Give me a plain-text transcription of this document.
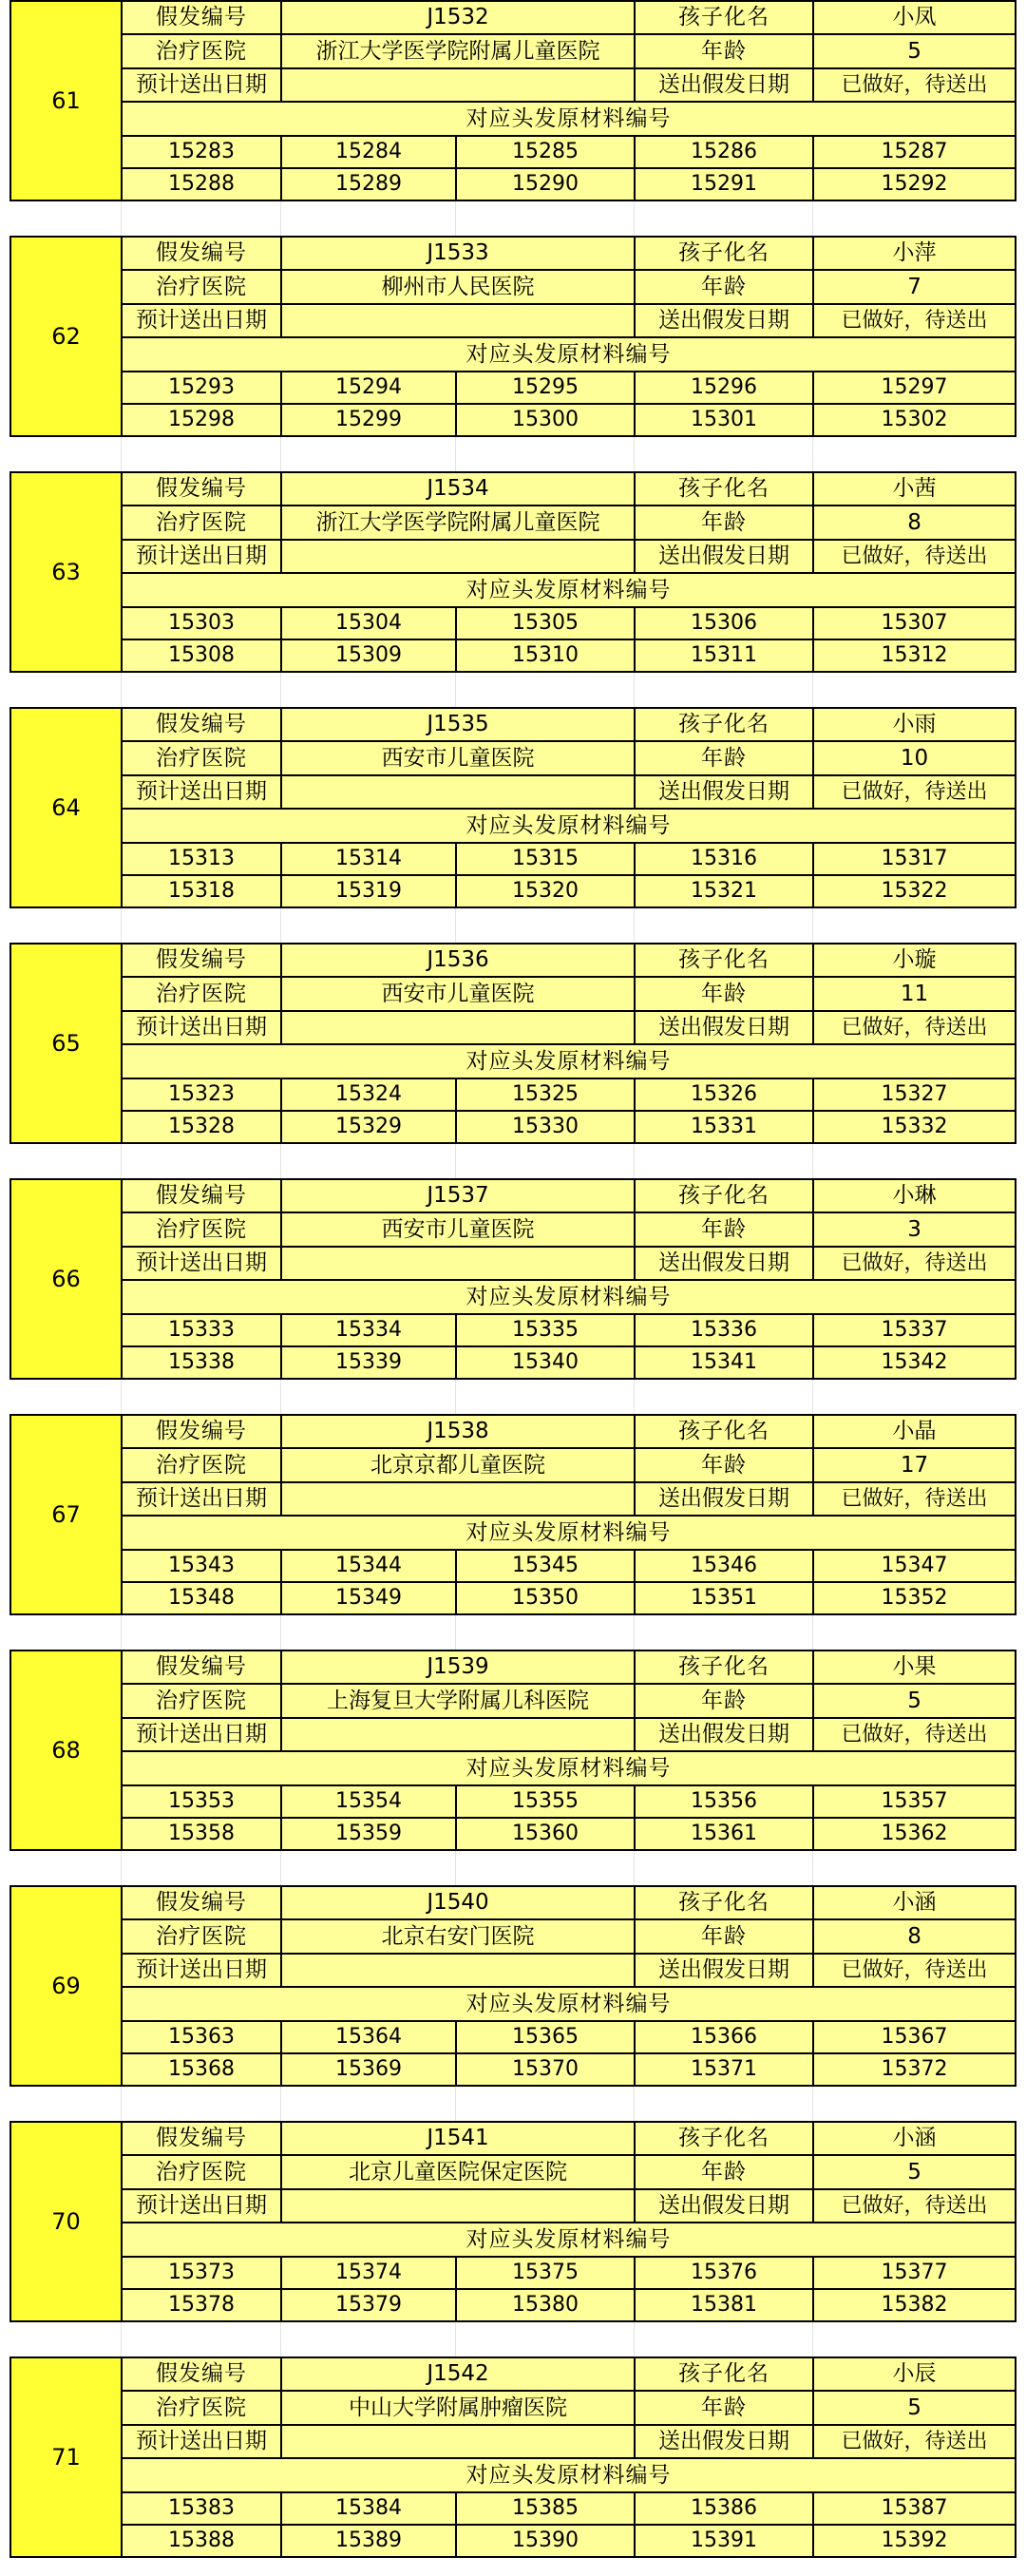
61	假发编号	J1532		孩子化名	小凤
	治疗医院	浙江大学医学院附属儿童医院		年龄	5
	预计送出日期			送出假发日期	已做好，待送出
	对应头发原材料编号				
	15283	15284	15285	15286	15287
	15288	15289	15290	15291	15292
62	假发编号	J1533		孩子化名	小萍
	治疗医院	柳州市人民医院		年龄	7
	预计送出日期			送出假发日期	已做好，待送出
	对应头发原材料编号				
	15293	15294	15295	15296	15297
	15298	15299	15300	15301	15302
63	假发编号	J1534		孩子化名	小茜
	治疗医院	浙江大学医学院附属儿童医院		年龄	8
	预计送出日期			送出假发日期	已做好，待送出
	对应头发原材料编号				
	15303	15304	15305	15306	15307
	15308	15309	15310	15311	15312
64	假发编号	J1535		孩子化名	小雨
	治疗医院	西安市儿童医院		年龄	10
	预计送出日期			送出假发日期	已做好，待送出
	对应头发原材料编号				
	15313	15314	15315	15316	15317
	15318	15319	15320	15321	15322
65	假发编号	J1536		孩子化名	小璇
	治疗医院	西安市儿童医院		年龄	11
	预计送出日期			送出假发日期	已做好，待送出
	对应头发原材料编号				
	15323	15324	15325	15326	15327
	15328	15329	15330	15331	15332
66	假发编号	J1537		孩子化名	小琳
	治疗医院	西安市儿童医院		年龄	3
	预计送出日期			送出假发日期	已做好，待送出
	对应头发原材料编号				
	15333	15334	15335	15336	15337
	15338	15339	15340	15341	15342
67	假发编号	J1538		孩子化名	小晶
	治疗医院	北京京都儿童医院		年龄	17
	预计送出日期			送出假发日期	已做好，待送出
	对应头发原材料编号				
	15343	15344	15345	15346	15347
	15348	15349	15350	15351	15352
68	假发编号	J1539		孩子化名	小果
	治疗医院	上海复旦大学附属儿科医院		年龄	5
	预计送出日期			送出假发日期	已做好，待送出
	对应头发原材料编号				
	15353	15354	15355	15356	15357
	15358	15359	15360	15361	15362
69	假发编号	J1540		孩子化名	小涵
	治疗医院	北京右安门医院		年龄	8
	预计送出日期			送出假发日期	已做好，待送出
	对应头发原材料编号				
	15363	15364	15365	15366	15367
	15368	15369	15370	15371	15372
70	假发编号	J1541		孩子化名	小涵
	治疗医院	北京儿童医院保定医院		年龄	5
	预计送出日期			送出假发日期	已做好，待送出
	对应头发原材料编号				
	15373	15374	15375	15376	15377
	15378	15379	15380	15381	15382
71	假发编号	J1542		孩子化名	小辰
	治疗医院	中山大学附属肿瘤医院		年龄	5
	预计送出日期			送出假发日期	已做好，待送出
	对应头发原材料编号				
	15383	15384	15385	15386	15387
	15388	15389	15390	15391	15392
